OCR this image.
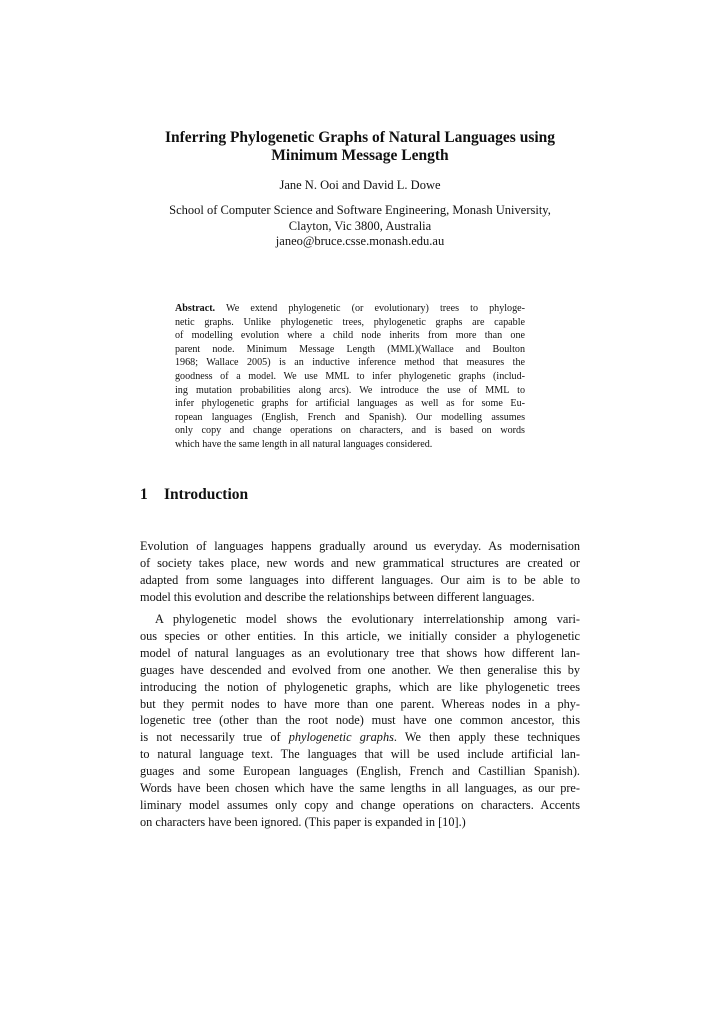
Inferring Phylogenetic Graphs of Natural Languages using
Minimum Message Length
Jane N. Ooi and David L. Dowe
School of Computer Science and Software Engineering, Monash University,
Clayton, Vic 3800, Australia
janeo@bruce.csse.monash.edu.au
Abstract. We extend phylogenetic (or evolutionary) trees to phyloge-
netic graphs. Unlike phylogenetic trees, phylogenetic graphs are capable
of modelling evolution where a child node inherits from more than one
parent node. Minimum Message Length (MML)(Wallace and Boulton
1968; Wallace 2005) is an inductive inference method that measures the
goodness of a model. We use MML to infer phylogenetic graphs (includ-
ing mutation probabilities along arcs). We introduce the use of MML to
infer phylogenetic graphs for artificial languages as well as for some Eu-
ropean languages (English, French and Spanish). Our modelling assumes
only copy and change operations on characters, and is based on words
which have the same length in all natural languages considered.
1 Introduction
Evolution of languages happens gradually around us everyday. As modernisation
of society takes place, new words and new grammatical structures are created or
adapted from some languages into different languages. Our aim is to be able to
model this evolution and describe the relationships between different languages.
A phylogenetic model shows the evolutionary interrelationship among vari-
ous species or other entities. In this article, we initially consider a phylogenetic
model of natural languages as an evolutionary tree that shows how different lan-
guages have descended and evolved from one another. We then generalise this by
introducing the notion of phylogenetic graphs, which are like phylogenetic trees
but they permit nodes to have more than one parent. Whereas nodes in a phy-
logenetic tree (other than the root node) must have one common ancestor, this
is not necessarily true of phylogenetic graphs. We then apply these techniques
to natural language text. The languages that will be used include artificial lan-
guages and some European languages (English, French and Castillian Spanish).
Words have been chosen which have the same lengths in all languages, as our pre-
liminary model assumes only copy and change operations on characters. Accents
on characters have been ignored. (This paper is expanded in [10].)
